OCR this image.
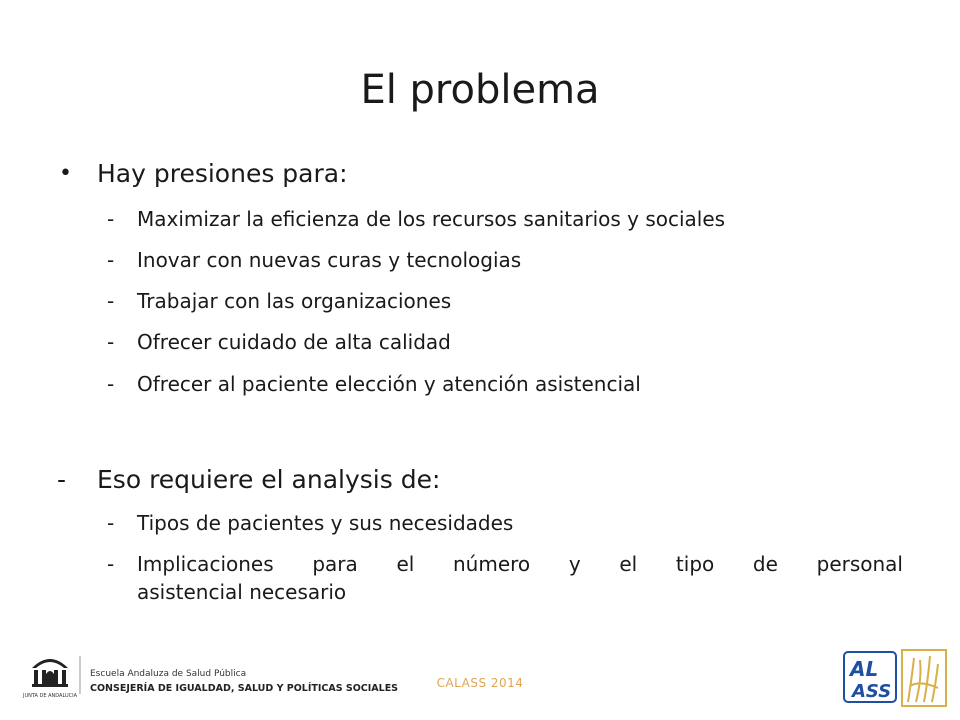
El problema
• Hay presiones para:
- Maximizar la eficienza de los recursos sanitarios y sociales
- Inovar con nuevas curas y tecnologias
- Trabajar con las organizaciones
- Ofrecer cuidado de alta calidad
- Ofrecer al paciente elección y atención asistencial
- Eso requiere el analysis de:
- Tipos de pacientes y sus necesidades
- Implicaciones para el número y el tipo de personal
asistencial necesario
JUNTA DE ANDALUCIA
Escuela Andaluza de Salud Pública
CONSEJERÍA DE IGUALDAD, SALUD Y POLÍTICAS SOCIALES	CALASS 2014
AL
ASS
